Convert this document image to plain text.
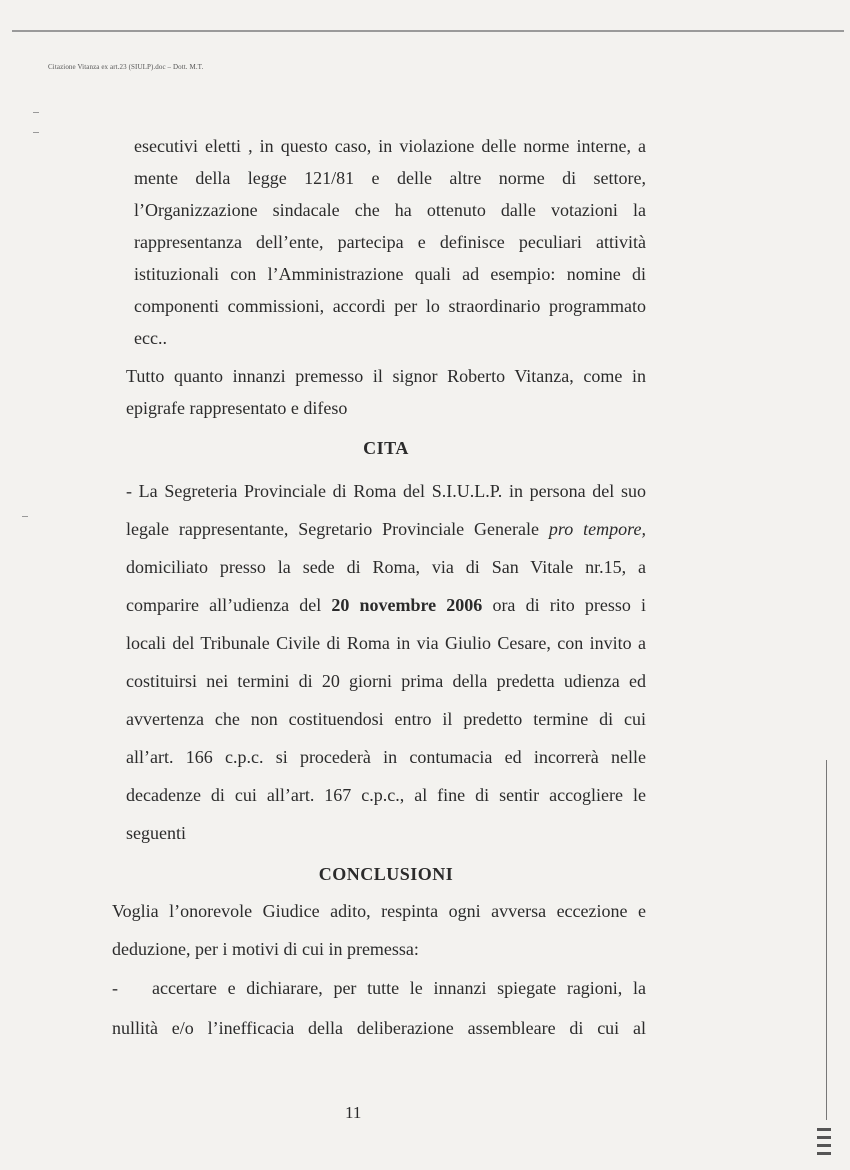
Citazione Vitanza ex art.23 (SIULP).doc – Dott. M.T.
esecutivi eletti , in questo caso, in violazione delle norme interne, a
mente della legge 121/81 e delle altre norme di settore,
l’Organizzazione sindacale che ha ottenuto dalle votazioni la
rappresentanza dell’ente, partecipa e definisce peculiari attività
istituzionali con l’Amministrazione quali ad esempio: nomine di
componenti commissioni, accordi per lo straordinario programmato
ecc..
Tutto quanto innanzi premesso il signor Roberto Vitanza, come in
epigrafe rappresentato e difeso
CITA
- La Segreteria Provinciale di Roma del S.I.U.L.P. in persona del suo
legale rappresentante, Segretario Provinciale Generale pro tempore,
domiciliato presso la sede di Roma, via di San Vitale nr.15, a
comparire all’udienza del 20 novembre 2006 ora di rito presso i
locali del Tribunale Civile di Roma in via Giulio Cesare, con invito a
costituirsi nei termini di 20 giorni prima della predetta udienza ed
avvertenza che non costituendosi entro il predetto termine di cui
all’art. 166 c.p.c. si procederà in contumacia ed incorrerà nelle
decadenze di cui all’art. 167 c.p.c., al fine di sentir accogliere le
seguenti
CONCLUSIONI
Voglia l’onorevole Giudice adito, respinta ogni avversa eccezione e
deduzione, per i motivi di cui in premessa:
-	accertare e dichiarare, per tutte le innanzi spiegate ragioni, la
nullità e/o l’inefficacia della deliberazione assembleare di cui al
11
